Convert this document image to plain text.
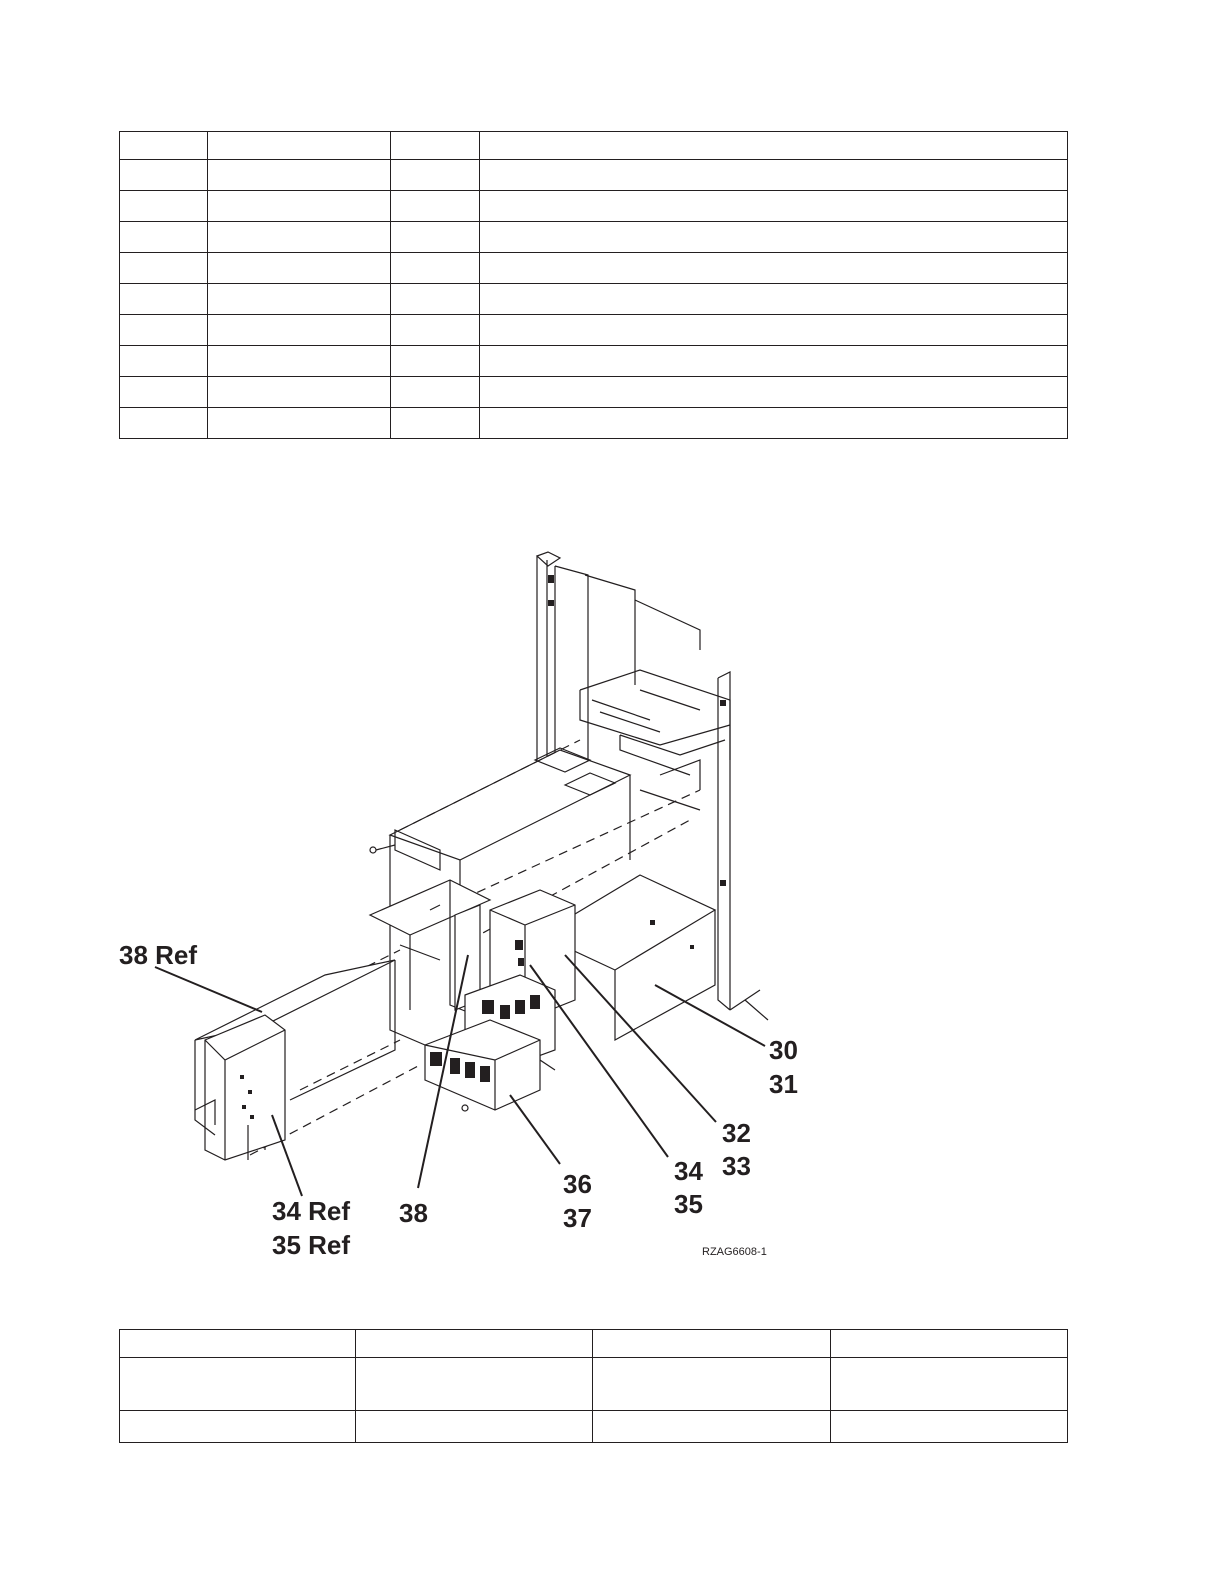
38 Ref
30
31
32
33
34
35
36
37
38
34 Ref
35 Ref	RZAG6608-1
